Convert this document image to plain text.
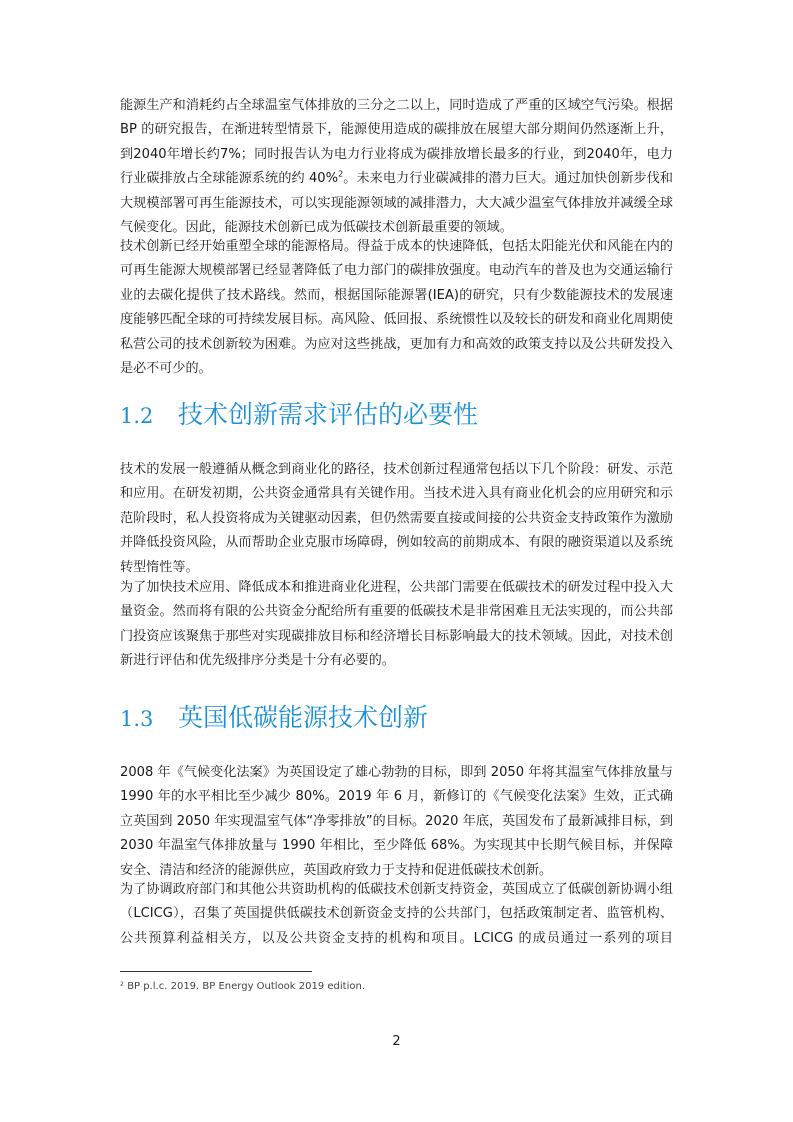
能源生产和消耗约占全球温室气体排放的三分之二以上，同时造成了严重的区域空气污染。根据 BP 的研究报告，在渐进转型情景下，能源使用造成的碳排放在展望大部分期间仍然逐渐上升，到2040年增长约7%；同时报告认为电力行业将成为碳排放增长最多的行业，到2040年，电力行业碳排放占全球能源系统的约 40%$^2$。未来电力行业碳减排的潜力巨大。通过加快创新步伐和大规模部署可再生能源技术，可以实现能源领域的减排潜力，大大减少温室气体排放并减缓全球气候变化。因此，能源技术创新已成为低碳技术创新最重要的领域。

技术创新已经开始重塑全球的能源格局。得益于成本的快速降低，包括太阳能光伏和风能在内的可再生能源大规模部署已经显著降低了电力部门的碳排放强度。电动汽车的普及也为交通运输行业的去碳化提供了技术路线。然而，根据国际能源署(IEA)的研究，只有少数能源技术的发展速度能够匹配全球的可持续发展目标。高风险、低回报、系统惯性以及较长的研发和商业化周期使私营公司的技术创新较为困难。为应对这些挑战，更加有力和高效的政策支持以及公共研发投入是必不可少的。

1.2 技术创新需求评估的必要性

技术的发展一般遵循从概念到商业化的路径，技术创新过程通常包括以下几个阶段：研发、示范和应用。在研发初期，公共资金通常具有关键作用。当技术进入具有商业化机会的应用研究和示范阶段时，私人投资将成为关键驱动因素，但仍然需要直接或间接的公共资金支持政策作为激励并降低投资风险，从而帮助企业克服市场障碍，例如较高的前期成本、有限的融资渠道以及系统转型惰性等。

为了加快技术应用、降低成本和推进商业化进程，公共部门需要在低碳技术的研发过程中投入大量资金。然而将有限的公共资金分配给所有重要的低碳技术是非常困难且无法实现的，而公共部门投资应该聚焦于那些对实现碳排放目标和经济增长目标影响最大的技术领域。因此，对技术创新进行评估和优先级排序分类是十分有必要的。

1.3 英国低碳能源技术创新

2008 年《气候变化法案》为英国设定了雄心勃勃的目标，即到 2050 年将其温室气体排放量与 1990 年的水平相比至少减少 80%。2019 年 6 月，新修订的《气候变化法案》生效，正式确立英国到 2050 年实现温室气体“净零排放”的目标。2020 年底，英国发布了最新减排目标，到 2030 年温室气体排放量与 1990 年相比，至少降低 68%。为实现其中长期气候目标，并保障安全、清洁和经济的能源供应，英国政府致力于支持和促进低碳技术创新。

为了协调政府部门和其他公共资助机构的低碳技术创新支持资金，英国成立了低碳创新协调小组（LCICG），召集了英国提供低碳技术创新资金支持的公共部门，包括政策制定者、监管机构、公共预算利益相关方，以及公共资金支持的机构和项目。LCICG 的成员通过一系列的项目

² BP p.l.c. 2019. BP Energy Outlook 2019 edition.
2
